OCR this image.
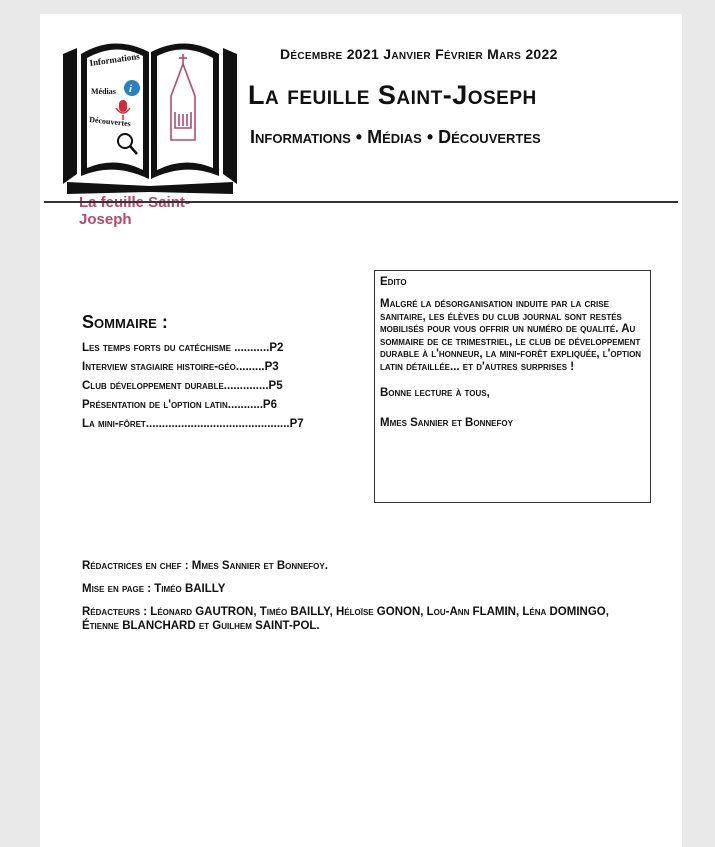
Informations
Médias
Découvertes
i
Joseph
Décembre 2021 Janvier Février Mars 2022
La feuille Saint-Joseph
Informations • Médias • Découvertes
Sommaire :
Les temps forts du catéchisme ...........P2
Interview stagiaire histoire-géo.........P3
Club développement durable..............P5
Présentation de l'option latin...........P6
La mini-fôret.............................................P7
Edito
Malgré la désorganisation induite par la crise sanitaire, les élèves du club journal sont restés mobilisés pour vous offrir un numéro de qualité. Au sommaire de ce trimestriel, le club de développement durable à l'honneur, la mini-forêt expliquée, l'option latin détaillée... et d'autres surprises !
Bonne lecture à tous,
Mmes Sannier et Bonnefoy
Rédactrices en chef : Mmes Sannier et Bonnefoy.
Mise en page : Timéo BAILLY
Rédacteurs : Léonard GAUTRON, Timéo BAILLY, Héloïse GONON, Lou-Ann FLAMIN, Léna DOMINGO, Étienne BLANCHARD et Guilhem SAINT-POL.
